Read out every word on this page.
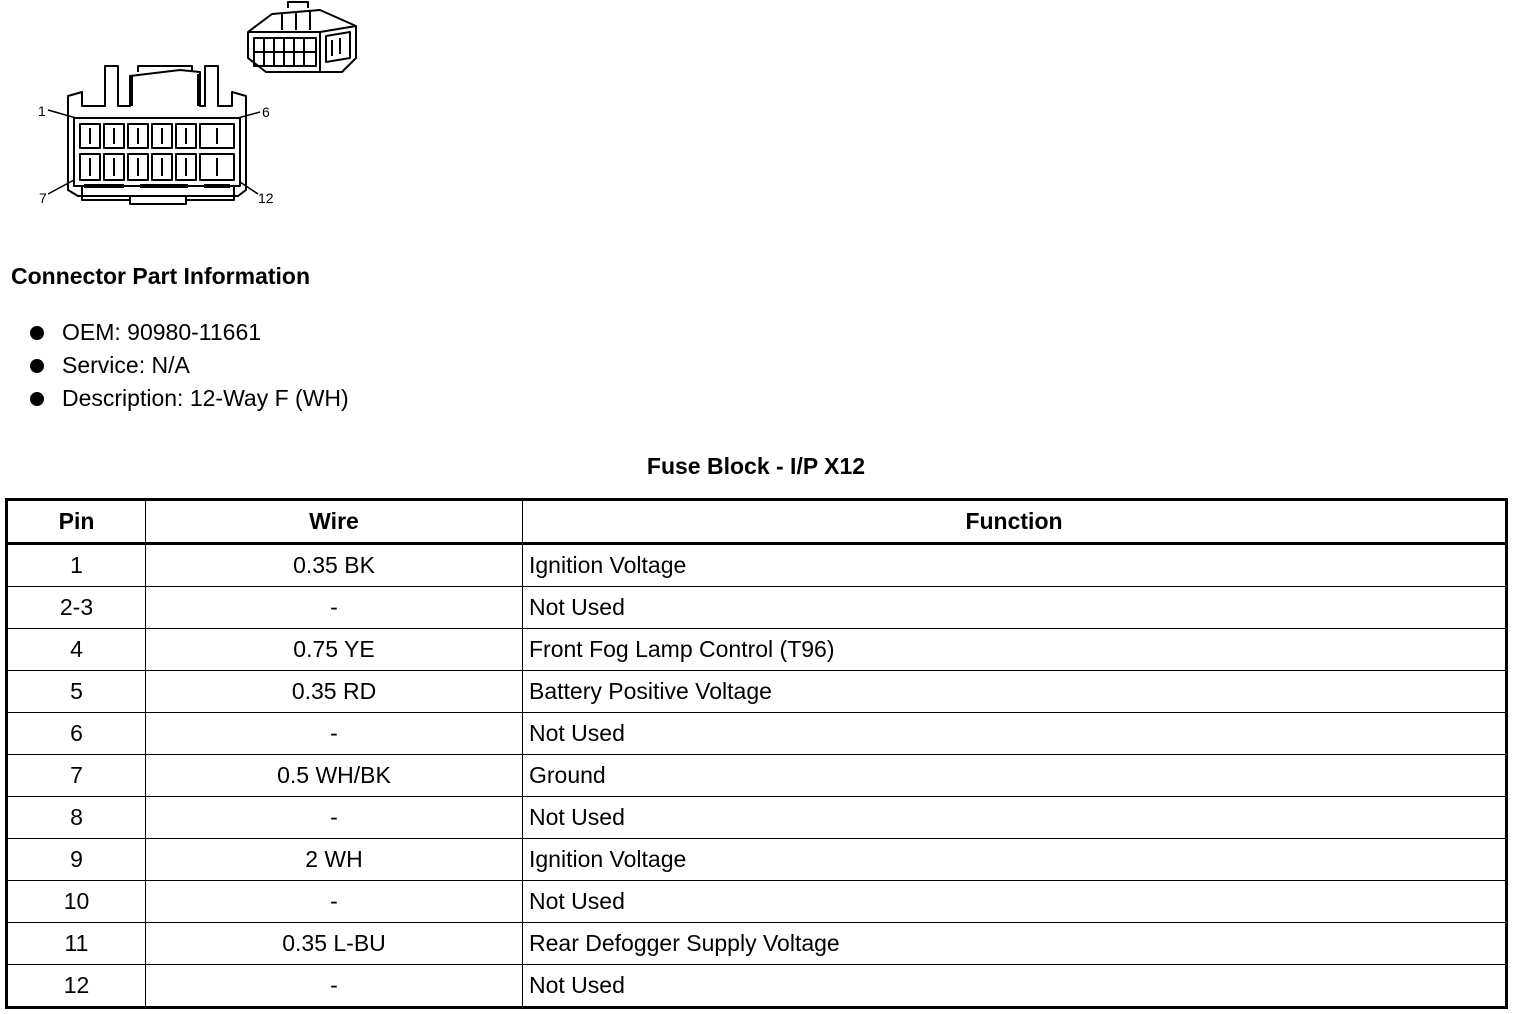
1	6
7	12
Connector Part Information
OEM: 90980-11661
Service: N/A
Description: 12-Way F (WH)
Fuse Block - I/P X12
Pin	Wire	Function
1	0.35 BK	Ignition Voltage
2-3	-	Not Used
4	0.75 YE	Front Fog Lamp Control (T96)
5	0.35 RD	Battery Positive Voltage
6	-	Not Used
7	0.5 WH/BK	Ground
8	-	Not Used
9	2 WH	Ignition Voltage
10	-	Not Used
11	0.35 L-BU	Rear Defogger Supply Voltage
12	-	Not Used
